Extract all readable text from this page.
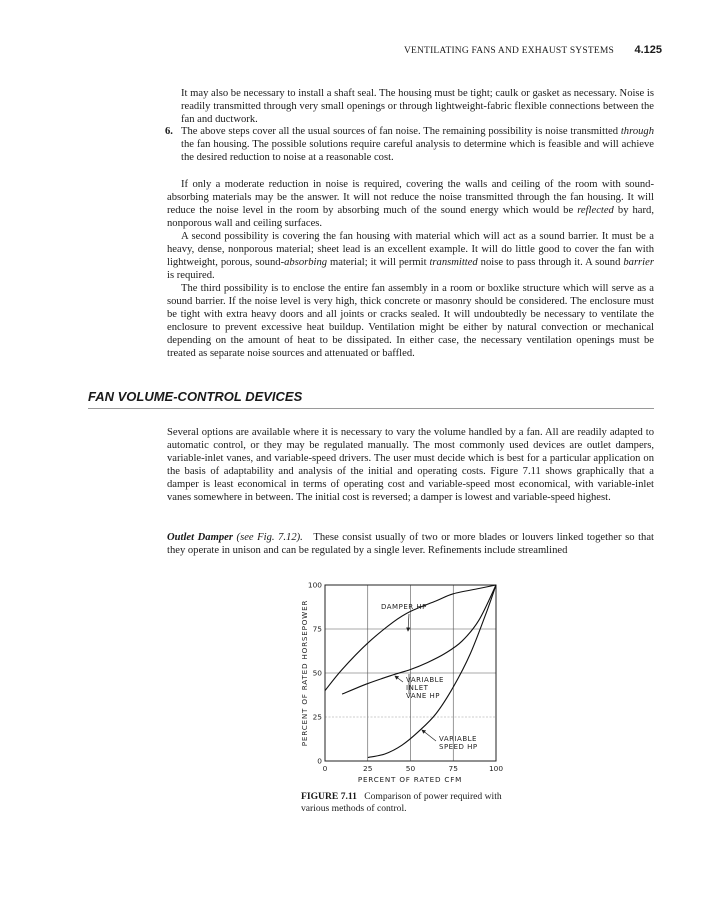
VENTILATING FANS AND EXHAUST SYSTEMS	4.125
It may also be necessary to install a shaft seal. The housing must be tight; caulk or gasket as necessary. Noise is readily transmitted through very small openings or through lightweight-fabric flexible connections between the fan and ductwork.
6. The above steps cover all the usual sources of fan noise. The remaining possibility is noise transmitted through the fan housing. The possible solutions require careful analysis to determine which is feasible and will achieve the desired reduction to noise at a reasonable cost.

If only a moderate reduction in noise is required, covering the walls and ceiling of the room with sound-absorbing materials may be the answer. It will not reduce the noise transmitted through the fan housing. It will reduce the noise level in the room by absorbing much of the sound energy which would be reflected by hard, nonporous wall and ceiling surfaces.

A second possibility is covering the fan housing with material which will act as a sound barrier. It must be a heavy, dense, nonporous material; sheet lead is an excellent example. It will do little good to cover the fan with lightweight, porous, sound-absorbing material; it will permit transmitted noise to pass through it. A sound barrier is required.

The third possibility is to enclose the entire fan assembly in a room or boxlike structure which will serve as a sound barrier. If the noise level is very high, thick concrete or masonry should be considered. The enclosure must be tight with extra heavy doors and all joints or cracks sealed. It will undoubtedly be necessary to ventilate the enclosure to prevent excessive heat buildup. Ventilation might be either by natural convection or mechanical depending on the amount of heat to be dissipated. In either case, the necessary ventilation openings must be treated as separate noise sources and attenuated or baffled.

FAN VOLUME-CONTROL DEVICES
Several options are available where it is necessary to vary the volume handled by a fan. All are readily adapted to automatic control, or they may be regulated manually. The most commonly used devices are outlet dampers, variable-inlet vanes, and variable-speed drivers. The user must decide which is best for a particular application on the basis of adaptability and analysis of the initial and operating costs. Figure 7.11 shows graphically that a damper is least economical in terms of operating cost and variable-speed most economical, with variable-inlet vanes somewhere in between. The initial cost is reversed; a damper is lowest and variable-speed highest.
Outlet Damper (see Fig. 7.12). These consist usually of two or more blades or louvers linked together so that they operate in unison and can be regulated by a single lever. Refinements include streamlined
0	25	50	75	100
0
25
50
75
100
PERCENT OF RATED CFM
PERCENT OF RATED HORSEPOWER	DAMPER HP
VARIABLE INLET VANE HP
VARIABLE SPEED HP
FIGURE 7.11 Comparison of power required with various methods of control.
